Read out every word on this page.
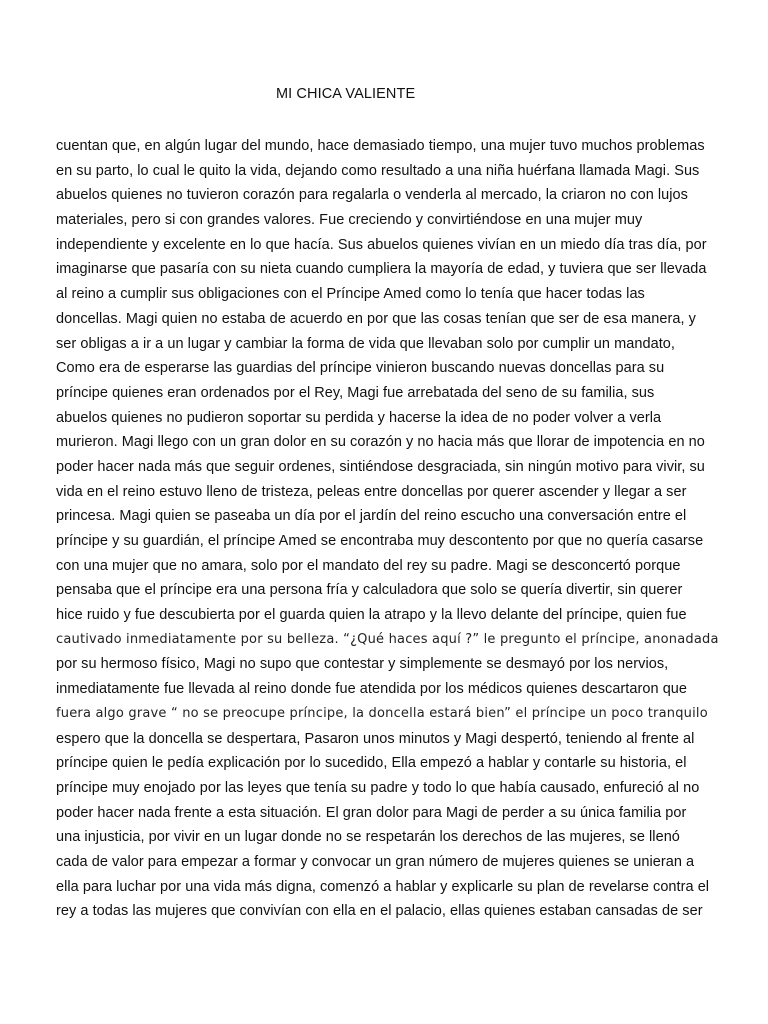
MI CHICA VALIENTE
cuentan que, en algún lugar del mundo, hace demasiado tiempo, una mujer tuvo muchos problemas
en su parto, lo cual le quito la vida, dejando como resultado a una niña huérfana llamada Magi. Sus
abuelos quienes no tuvieron corazón para regalarla o venderla al mercado, la criaron no con lujos
materiales, pero si con grandes valores. Fue creciendo y convirtiéndose en una mujer muy
independiente y excelente en lo que hacía. Sus abuelos quienes vivían en un miedo día tras día, por
imaginarse que pasaría con su nieta cuando cumpliera la mayoría de edad, y tuviera que ser llevada
al reino a cumplir sus obligaciones con el Príncipe Amed como lo tenía que hacer todas las
doncellas. Magi quien no estaba de acuerdo en por que las cosas tenían que ser de esa manera, y
ser obligas a ir a un lugar y cambiar la forma de vida que llevaban solo por cumplir un mandato,
Como era de esperarse las guardias del príncipe vinieron buscando nuevas doncellas para su
príncipe quienes eran ordenados por el Rey, Magi fue arrebatada del seno de su familia, sus
abuelos quienes no pudieron soportar su perdida y hacerse la idea de no poder volver a verla
murieron. Magi llego con un gran dolor en su corazón y no hacia más que llorar de impotencia en no
poder hacer nada más que seguir ordenes, sintiéndose desgraciada, sin ningún motivo para vivir, su
vida en el reino estuvo lleno de tristeza, peleas entre doncellas por querer ascender y llegar a ser
princesa. Magi quien se paseaba un día por el jardín del reino escucho una conversación entre el
príncipe y su guardián, el príncipe Amed se encontraba muy descontento por que no quería casarse
con una mujer que no amara, solo por el mandato del rey su padre. Magi se desconcertó porque
pensaba que el príncipe era una persona fría y calculadora que solo se quería divertir, sin querer
hice ruido y fue descubierta por el guarda quien la atrapo y la llevo delante del príncipe, quien fue
cautivado inmediatamente por su belleza. “¿Qué haces aquí ?” le pregunto el príncipe, anonadada
por su hermoso físico, Magi no supo que contestar y simplemente se desmayó por los nervios,
inmediatamente fue llevada al reino donde fue atendida por los médicos quienes descartaron que
fuera algo grave “ no se preocupe príncipe, la doncella estará bien” el príncipe un poco tranquilo
espero que la doncella se despertara, Pasaron unos minutos y Magi despertó, teniendo al frente al
príncipe quien le pedía explicación por lo sucedido, Ella empezó a hablar y contarle su historia, el
príncipe muy enojado por las leyes que tenía su padre y todo lo que había causado, enfureció al no
poder hacer nada frente a esta situación. El gran dolor para Magi de perder a su única familia por
una injusticia, por vivir en un lugar donde no se respetarán los derechos de las mujeres, se llenó
cada de valor para empezar a formar y convocar un gran número de mujeres quienes se unieran a
ella para luchar por una vida más digna, comenzó a hablar y explicarle su plan de revelarse contra el
rey a todas las mujeres que convivían con ella en el palacio, ellas quienes estaban cansadas de ser
